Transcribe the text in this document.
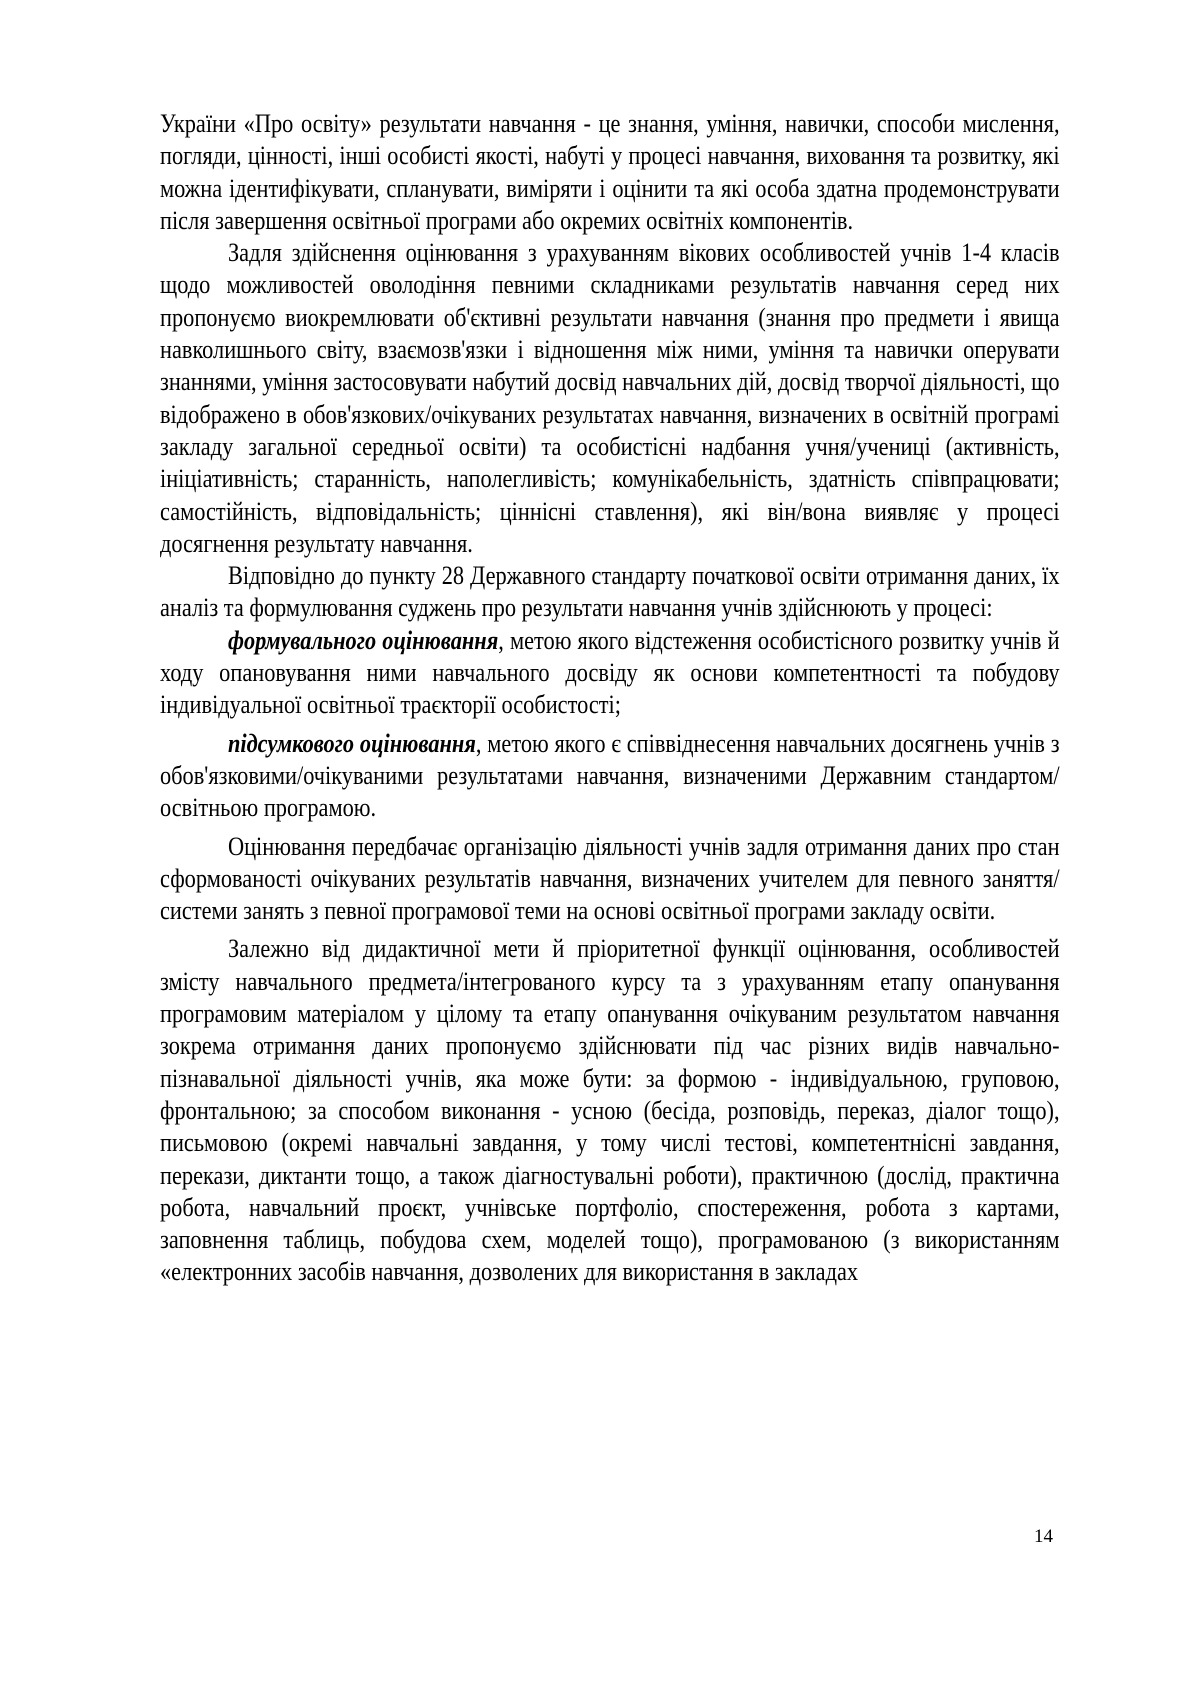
України «Про освіту» результати навчання - це знання, уміння, навички, способи мислення, погляди, цінності, інші особисті якості, набуті у процесі навчання, виховання та розвитку, які можна ідентифікувати, спланувати, виміряти і оцінити та які особа здатна продемонструвати після завершення освітньої програми або окремих освітніх компонентів.

Задля здійснення оцінювання з урахуванням вікових особливостей учнів 1-4 класів щодо можливостей оволодіння певними складниками результатів навчання серед них пропонуємо виокремлювати об'єктивні результати навчання (знання про предмети і явища навколишнього світу, взаємозв'язки і відношення між ними, уміння та навички оперувати знаннями, уміння застосовувати набутий досвід навчальних дій, досвід творчої діяльності, що відображено в обов'язкових/очікуваних результатах навчання, визначених в освітній програмі закладу загальної середньої освіти) та особистісні надбання учня/учениці (активність, ініціативність; старанність, наполегливість; комунікабельність, здатність співпрацювати; самостійність, відповідальність; ціннісні ставлення), які він/вона виявляє у процесі досягнення результату навчання.

Відповідно до пункту 28 Державного стандарту початкової освіти отримання даних, їх аналіз та формулювання суджень про результати навчання учнів здійснюють у процесі:

формувального оцінювання, метою якого відстеження особистісного розвитку учнів й ходу опановування ними навчального досвіду як основи компетентності та побудову індивідуальної освітньої траєкторії особистості;

підсумкового оцінювання, метою якого є співвіднесення навчальних досягнень учнів з обов'язковими/очікуваними результатами навчання, визначеними Державним стандартом/освітньою програмою.

Оцінювання передбачає організацію діяльності учнів задля отримання даних про стан сформованості очікуваних результатів навчання, визначених учителем для певного заняття/системи занять з певної програмової теми на основі освітньої програми закладу освіти.

Залежно від дидактичної мети й пріоритетної функції оцінювання, особливостей змісту навчального предмета/інтегрованого курсу та з урахуванням етапу опанування програмовим матеріалом у цілому та етапу опанування очікуваним результатом навчання зокрема отримання даних пропонуємо здійснювати під час різних видів навчально-пізнавальної діяльності учнів, яка може бути: за формою - індивідуальною, груповою, фронтальною; за способом виконання - усною (бесіда, розповідь, переказ, діалог тощо), письмовою (окремі навчальні завдання, у тому числі тестові, компетентнісні завдання, перекази, диктанти тощо, а також діагностувальні роботи), практичною (дослід, практична робота, навчальний проєкт, учнівське портфоліо, спостереження, робота з картами, заповнення таблиць, побудова схем, моделей тощо), програмованою (з використанням «електронних засобів навчання, дозволених для використання в закладах

14
